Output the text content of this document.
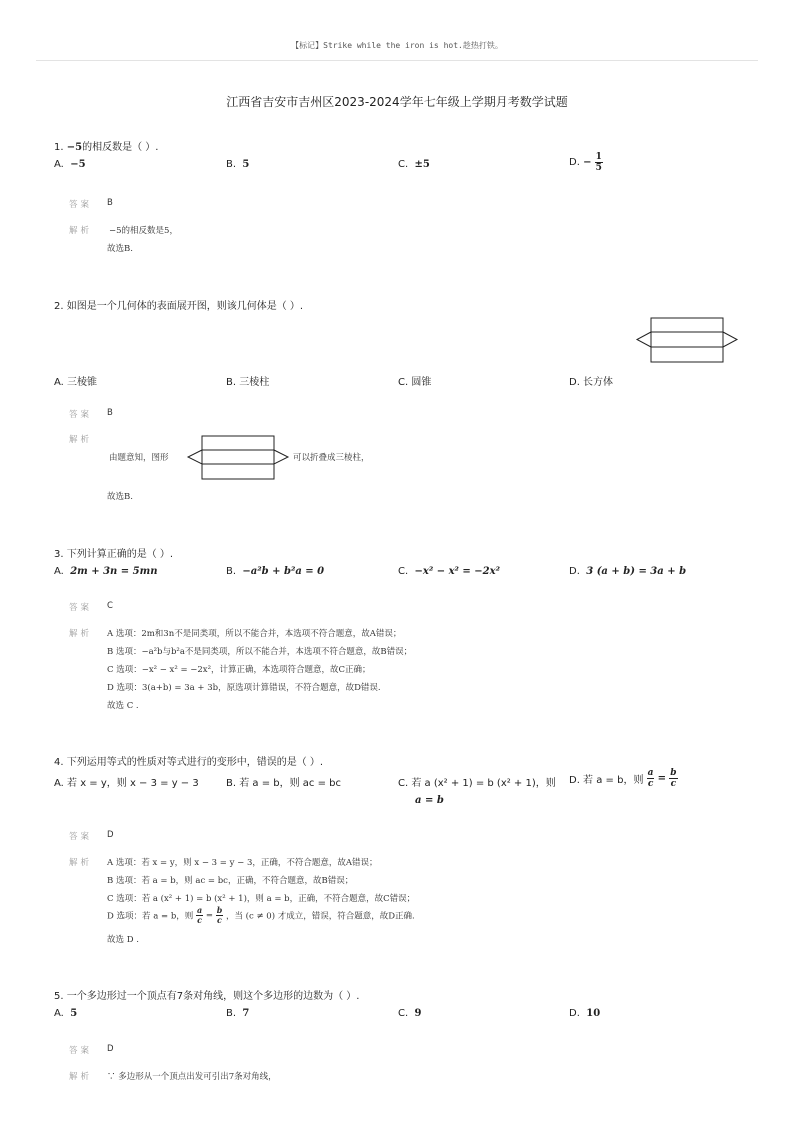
【标记】Strike while the iron is hot.趁热打铁。
江西省吉安市吉州区2023-2024学年七年级上学期月考数学试题
1. −5的相反数是（ ）.
A. −5	B. 5	C. ±5	D. − $\frac{1}{5}$
答案 B
解析 −5的相反数是5，
故选B.
2. 如图是一个几何体的表面展开图，则该几何体是（ ）.
A. 三棱锥	B. 三棱柱	C. 圆锥	D. 长方体
答案 B
解析
由题意知，图形	可以折叠成三棱柱，
故选B.
3. 下列计算正确的是（ ）.
A. 2m + 3n = 5mn	B. −a²b + b²a = 0	C. −x² − x² = −2x²	D. 3 (a + b) = 3a + b
答案 C
解析 A 选项：2m和3n不是同类项，所以不能合并，本选项不符合题意，故A错误；
B 选项：−a²b与b²a不是同类项，所以不能合并，本选项不符合题意，故B错误；
C 选项：−x² − x² = −2x²，计算正确，本选项符合题意，故C正确；
D 选项：3(a+b) = 3a + 3b，原选项计算错误，不符合题意，故D错误.
故选 C .
4. 下列运用等式的性质对等式进行的变形中，错误的是（ ）.
A. 若 x = y，则 x − 3 = y − 3	B. 若 a = b，则 ac = bc	C. 若 a (x² + 1) = b (x² + 1)，则
a = b
D. 若 a = b，则 $\frac{a}{c} = \frac{b}{c}$
答案 D
解析 A 选项：若 x = y，则 x − 3 = y − 3，正确，不符合题意，故A错误；
B 选项：若 a = b，则 ac = bc，正确，不符合题意，故B错误；
C 选项：若 a (x² + 1) = b (x² + 1)，则 a = b，正确，不符合题意，故C错误；
D 选项：若 a = b，则 $\frac{a}{c} = \frac{b}{c}$ ，当 (c ≠ 0) 才成立，错误，符合题意，故D正确.
故选 D .
5. 一个多边形过一个顶点有7条对角线，则这个多边形的边数为（ ）.
A. 5	B. 7	C. 9	D. 10
答案 D
解析 ∵ 多边形从一个顶点出发可引出7条对角线，
